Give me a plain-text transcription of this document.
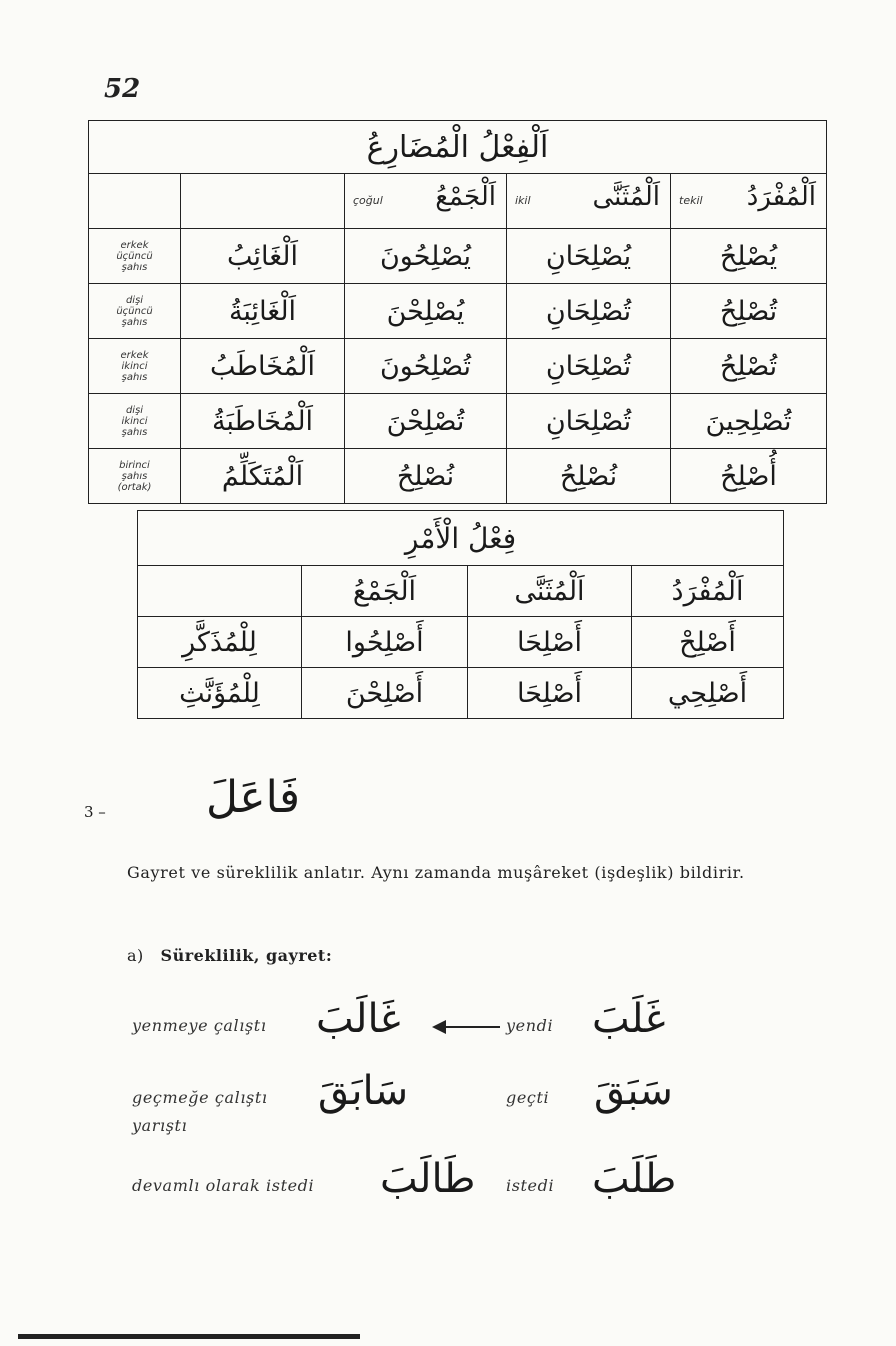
52
اَلْفِعْلُ الْمُضَارِعُ				

		çoğul اَلْجَمْعُ	ikil اَلْمُثَنَّى	tekil اَلْمُفْرَدُ

erkek
üçüncü
şahıs	اَلْغَائِبُ	يُصْلِحُونَ	يُصْلِحَانِ	يُصْلِحُ
dişi
üçüncü
şahıs	اَلْغَائِبَةُ	يُصْلِحْنَ	تُصْلِحَانِ	تُصْلِحُ
erkek
ikinci
şahıs	اَلْمُخَاطَبُ	تُصْلِحُونَ	تُصْلِحَانِ	تُصْلِحُ
dişi
ikinci
şahıs	اَلْمُخَاطَبَةُ	تُصْلِحْنَ	تُصْلِحَانِ	تُصْلِحِينَ
birinci
şahıs
(ortak)	اَلْمُتَكَلِّمُ	نُصْلِحُ	نُصْلِحُ	أُصْلِحُ
فِعْلُ الْأَمْرِ			
	اَلْجَمْعُ	اَلْمُثَنَّى	اَلْمُفْرَدُ
لِلْمُذَكَّرِ	أَصْلِحُوا	أَصْلِحَا	أَصْلِحْ
لِلْمُؤَنَّثِ	أَصْلِحْنَ	أَصْلِحَا	أَصْلِحِي
3 – فَاعَلَ
Gayret ve süreklilik anlatır. Aynı zamanda muşâreket (işdeşlik) bildirir.
a) Süreklilik, gayret:
yenmeye çalıştı غَالَبَ	yendi غَلَبَ
geçmeğe çalıştı
yarıştı
سَابَقَ	geçti سَبَقَ
devamlı olarak istedi طَالَبَ istedi طَلَبَ
